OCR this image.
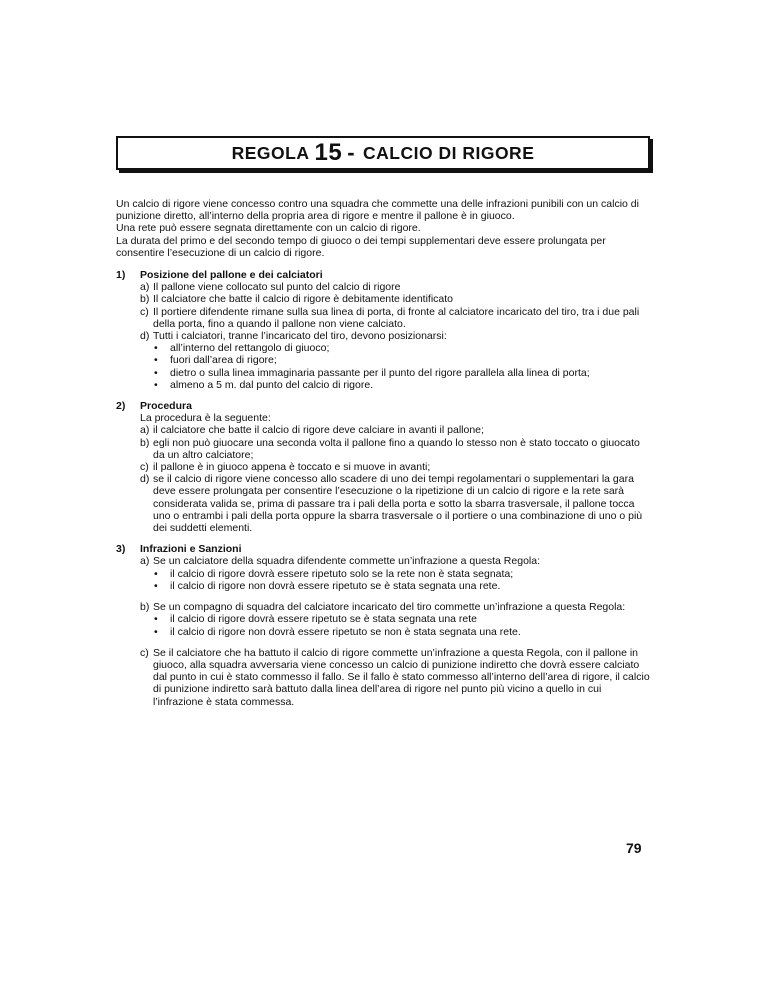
REGOLA 15 - CALCIO DI RIGORE

Un calcio di rigore viene concesso contro una squadra che commette una delle infrazioni punibili con un calcio di punizione diretto, all’interno della propria area di rigore e mentre il pallone è in giuoco.

Una rete può essere segnata direttamente con un calcio di rigore.

La durata del primo e del secondo tempo di giuoco o dei tempi supplementari deve essere prolungata per consentire l’esecuzione di un calcio di rigore.

1) Posizione del pallone e dei calciatori
a) Il pallone viene collocato sul punto del calcio di rigore
b) Il calciatore che batte il calcio di rigore è debitamente identificato
c) Il portiere difendente rimane sulla sua linea di porta, di fronte al calciatore incaricato del tiro, tra i due pali della porta, fino a quando il pallone non viene calciato.
d) Tutti i calciatori, tranne l’incaricato del tiro, devono posizionarsi:
• all’interno del rettangolo di giuoco;
• fuori dall’area di rigore;
• dietro o sulla linea immaginaria passante per il punto del rigore parallela alla linea di porta;
• almeno a 5 m. dal punto del calcio di rigore.
2) Procedura
La procedura è la seguente:
a) il calciatore che batte il calcio di rigore deve calciare in avanti il pallone;
b) egli non può giuocare una seconda volta il pallone fino a quando lo stesso non è stato toccato o giuocato da un altro calciatore;
c) il pallone è in giuoco appena è toccato e si muove in avanti;
d) se il calcio di rigore viene concesso allo scadere di uno dei tempi regolamentari o supplementari la gara deve essere prolungata per consentire l’esecuzione o la ripetizione di un calcio di rigore e la rete sarà considerata valida se, prima di passare tra i pali della porta e sotto la sbarra trasversale, il pallone tocca uno o entrambi i pali della porta oppure la sbarra trasversale o il portiere o una combinazione di uno o più dei suddetti elementi.
3) Infrazioni e Sanzioni
a) Se un calciatore della squadra difendente commette un’infrazione a questa Regola:
• il calcio di rigore dovrà essere ripetuto solo se la rete non è stata segnata;
• il calcio di rigore non dovrà essere ripetuto se è stata segnata una rete.
b) Se un compagno di squadra del calciatore incaricato del tiro commette un’infrazione a questa Regola:
• il calcio di rigore dovrà essere ripetuto se è stata segnata una rete
• il calcio di rigore non dovrà essere ripetuto se non è stata segnata una rete.
c) Se il calciatore che ha battuto il calcio di rigore commette un’infrazione a questa Regola, con il pallone in giuoco, alla squadra avversaria viene concesso un calcio di punizione indiretto che dovrà essere calciato dal punto in cui è stato commesso il fallo. Se il fallo è stato commesso all’interno dell’area di rigore, il calcio di punizione indiretto sarà battuto dalla linea dell’area di rigore nel punto più vicino a quello in cui l’infrazione è stata commessa.
79
